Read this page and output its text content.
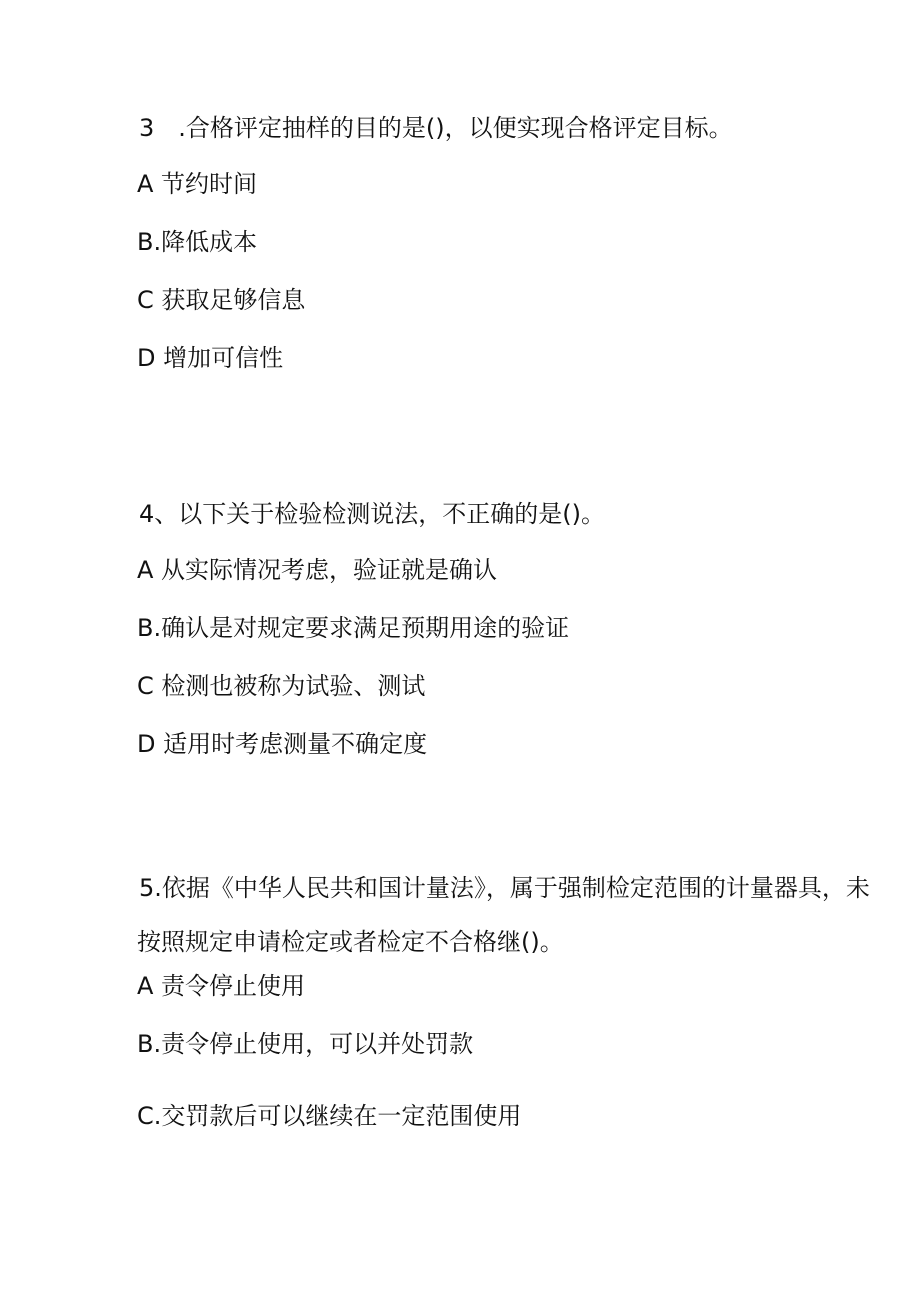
3　.合格评定抽样的目的是()，以便实现合格评定目标。
A 节约时间
B.降低成本
C 获取足够信息
D 增加可信性
4、以下关于检验检测说法，不正确的是()。
A 从实际情况考虑，验证就是确认
B.确认是对规定要求满足预期用途的验证
C 检测也被称为试验、测试
D 适用时考虑测量不确定度
5.依据《中华人民共和国计量法》，属于强制检定范围的计量器具，未
按照规定申请检定或者检定不合格继()。
A 责令停止使用
B.责令停止使用，可以并处罚款
C.交罚款后可以继续在一定范围使用
